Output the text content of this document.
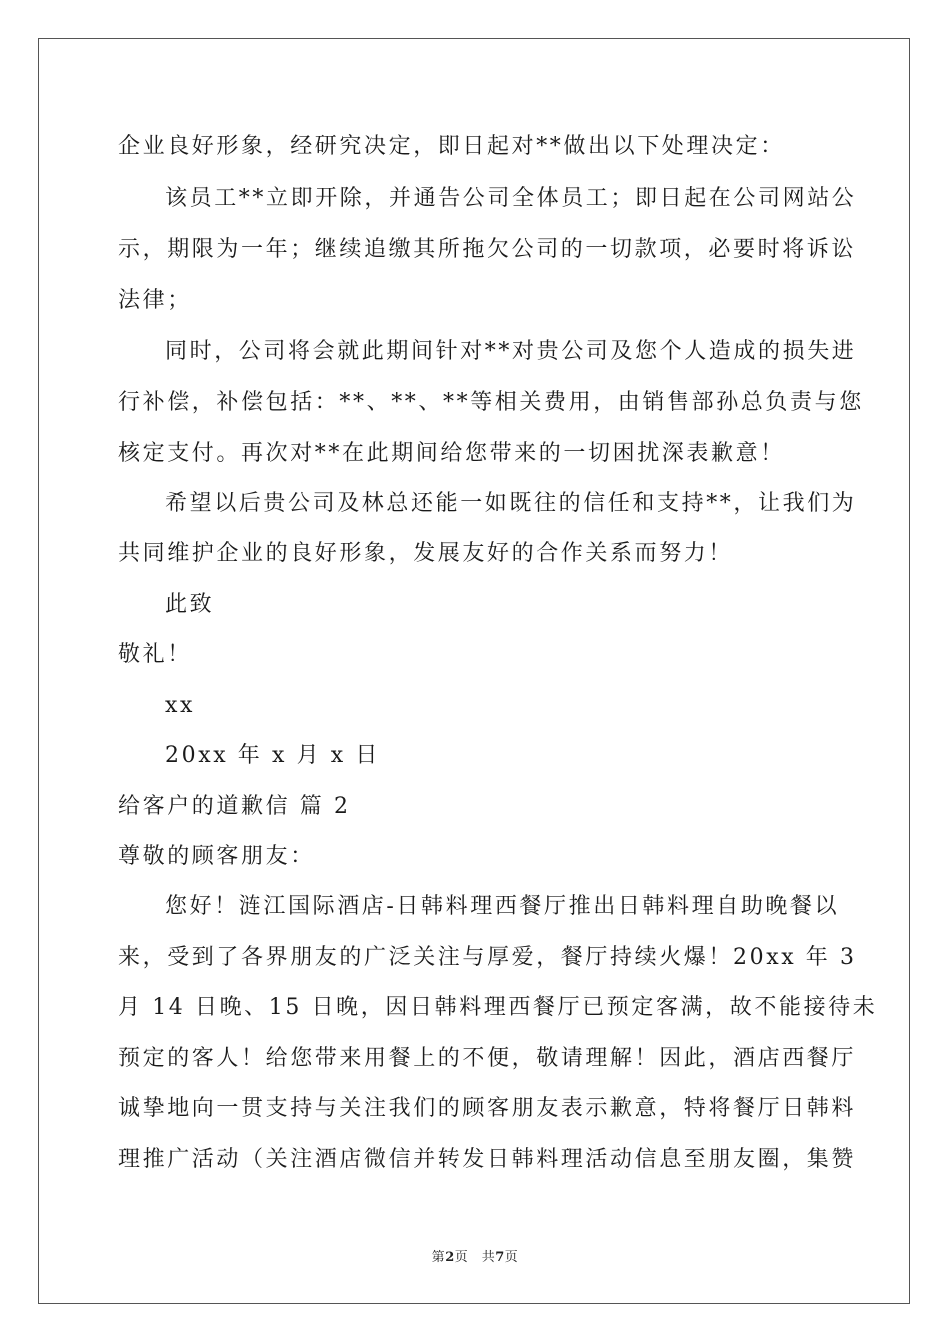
企业良好形象，经研究决定，即日起对**做出以下处理决定：
该员工**立即开除，并通告公司全体员工；即日起在公司网站公
示，期限为一年；继续追缴其所拖欠公司的一切款项，必要时将诉讼
法律；
同时，公司将会就此期间针对**对贵公司及您个人造成的损失进
行补偿，补偿包括：**、**、**等相关费用，由销售部孙总负责与您
核定支付。再次对**在此期间给您带来的一切困扰深表歉意！
希望以后贵公司及林总还能一如既往的信任和支持**，让我们为
共同维护企业的良好形象，发展友好的合作关系而努力！
此致
敬礼！
xx
20xx 年 x 月 x 日
给客户的道歉信 篇 2
尊敬的顾客朋友：
您好！涟江国际酒店-日韩料理西餐厅推出日韩料理自助晚餐以
来，受到了各界朋友的广泛关注与厚爱，餐厅持续火爆！20xx 年 3
月 14 日晚、15 日晚，因日韩料理西餐厅已预定客满，故不能接待未
预定的客人！给您带来用餐上的不便，敬请理解！因此，酒店西餐厅
诚挚地向一贯支持与关注我们的顾客朋友表示歉意，特将餐厅日韩料
理推广活动（关注酒店微信并转发日韩料理活动信息至朋友圈，集赞
第2页　共7页
